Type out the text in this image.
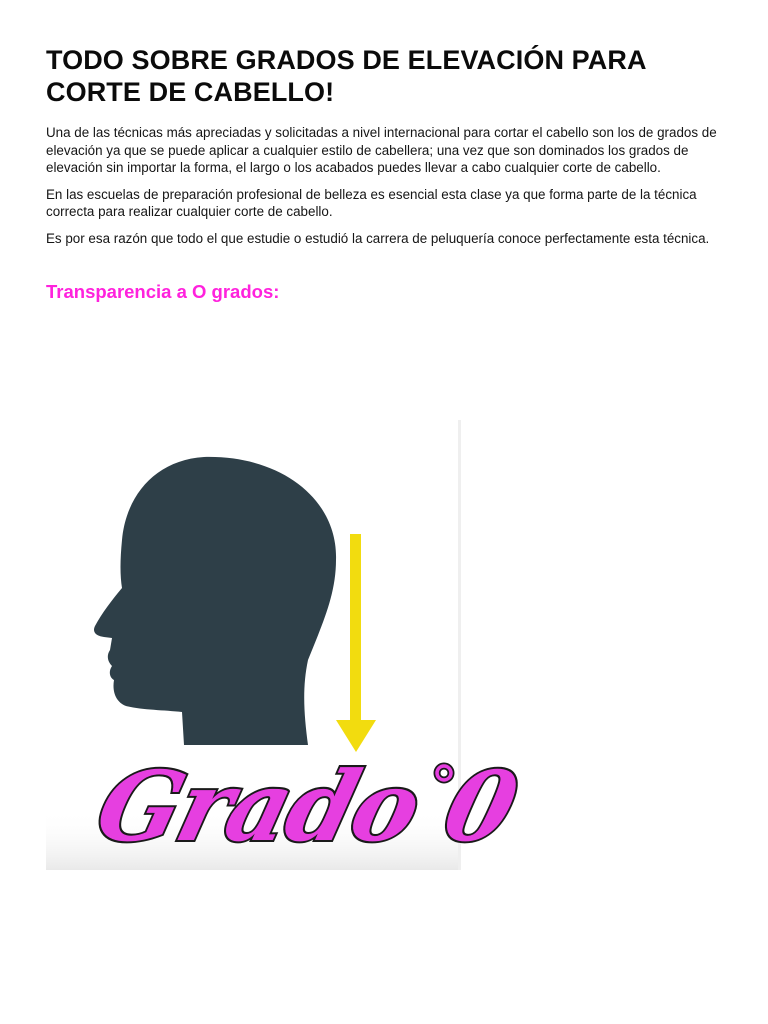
TODO SOBRE GRADOS DE ELEVACIÓN PARA CORTE DE CABELLO!

Una de las técnicas más apreciadas y solicitadas a nivel internacional para cortar el cabello son los de grados de elevación ya que se puede aplicar a cualquier estilo de cabellera; una vez que son dominados los grados de elevación sin importar la forma, el largo o los acabados puedes llevar a cabo cualquier corte de cabello.

En las escuelas de preparación profesional de belleza es esencial esta clase ya que forma parte de la técnica correcta para realizar cualquier corte de cabello.

Es por esa razón que todo el que estudie o estudió la carrera de peluquería conoce perfectamente esta técnica.

Transparencia a O grados:
Grado 0
